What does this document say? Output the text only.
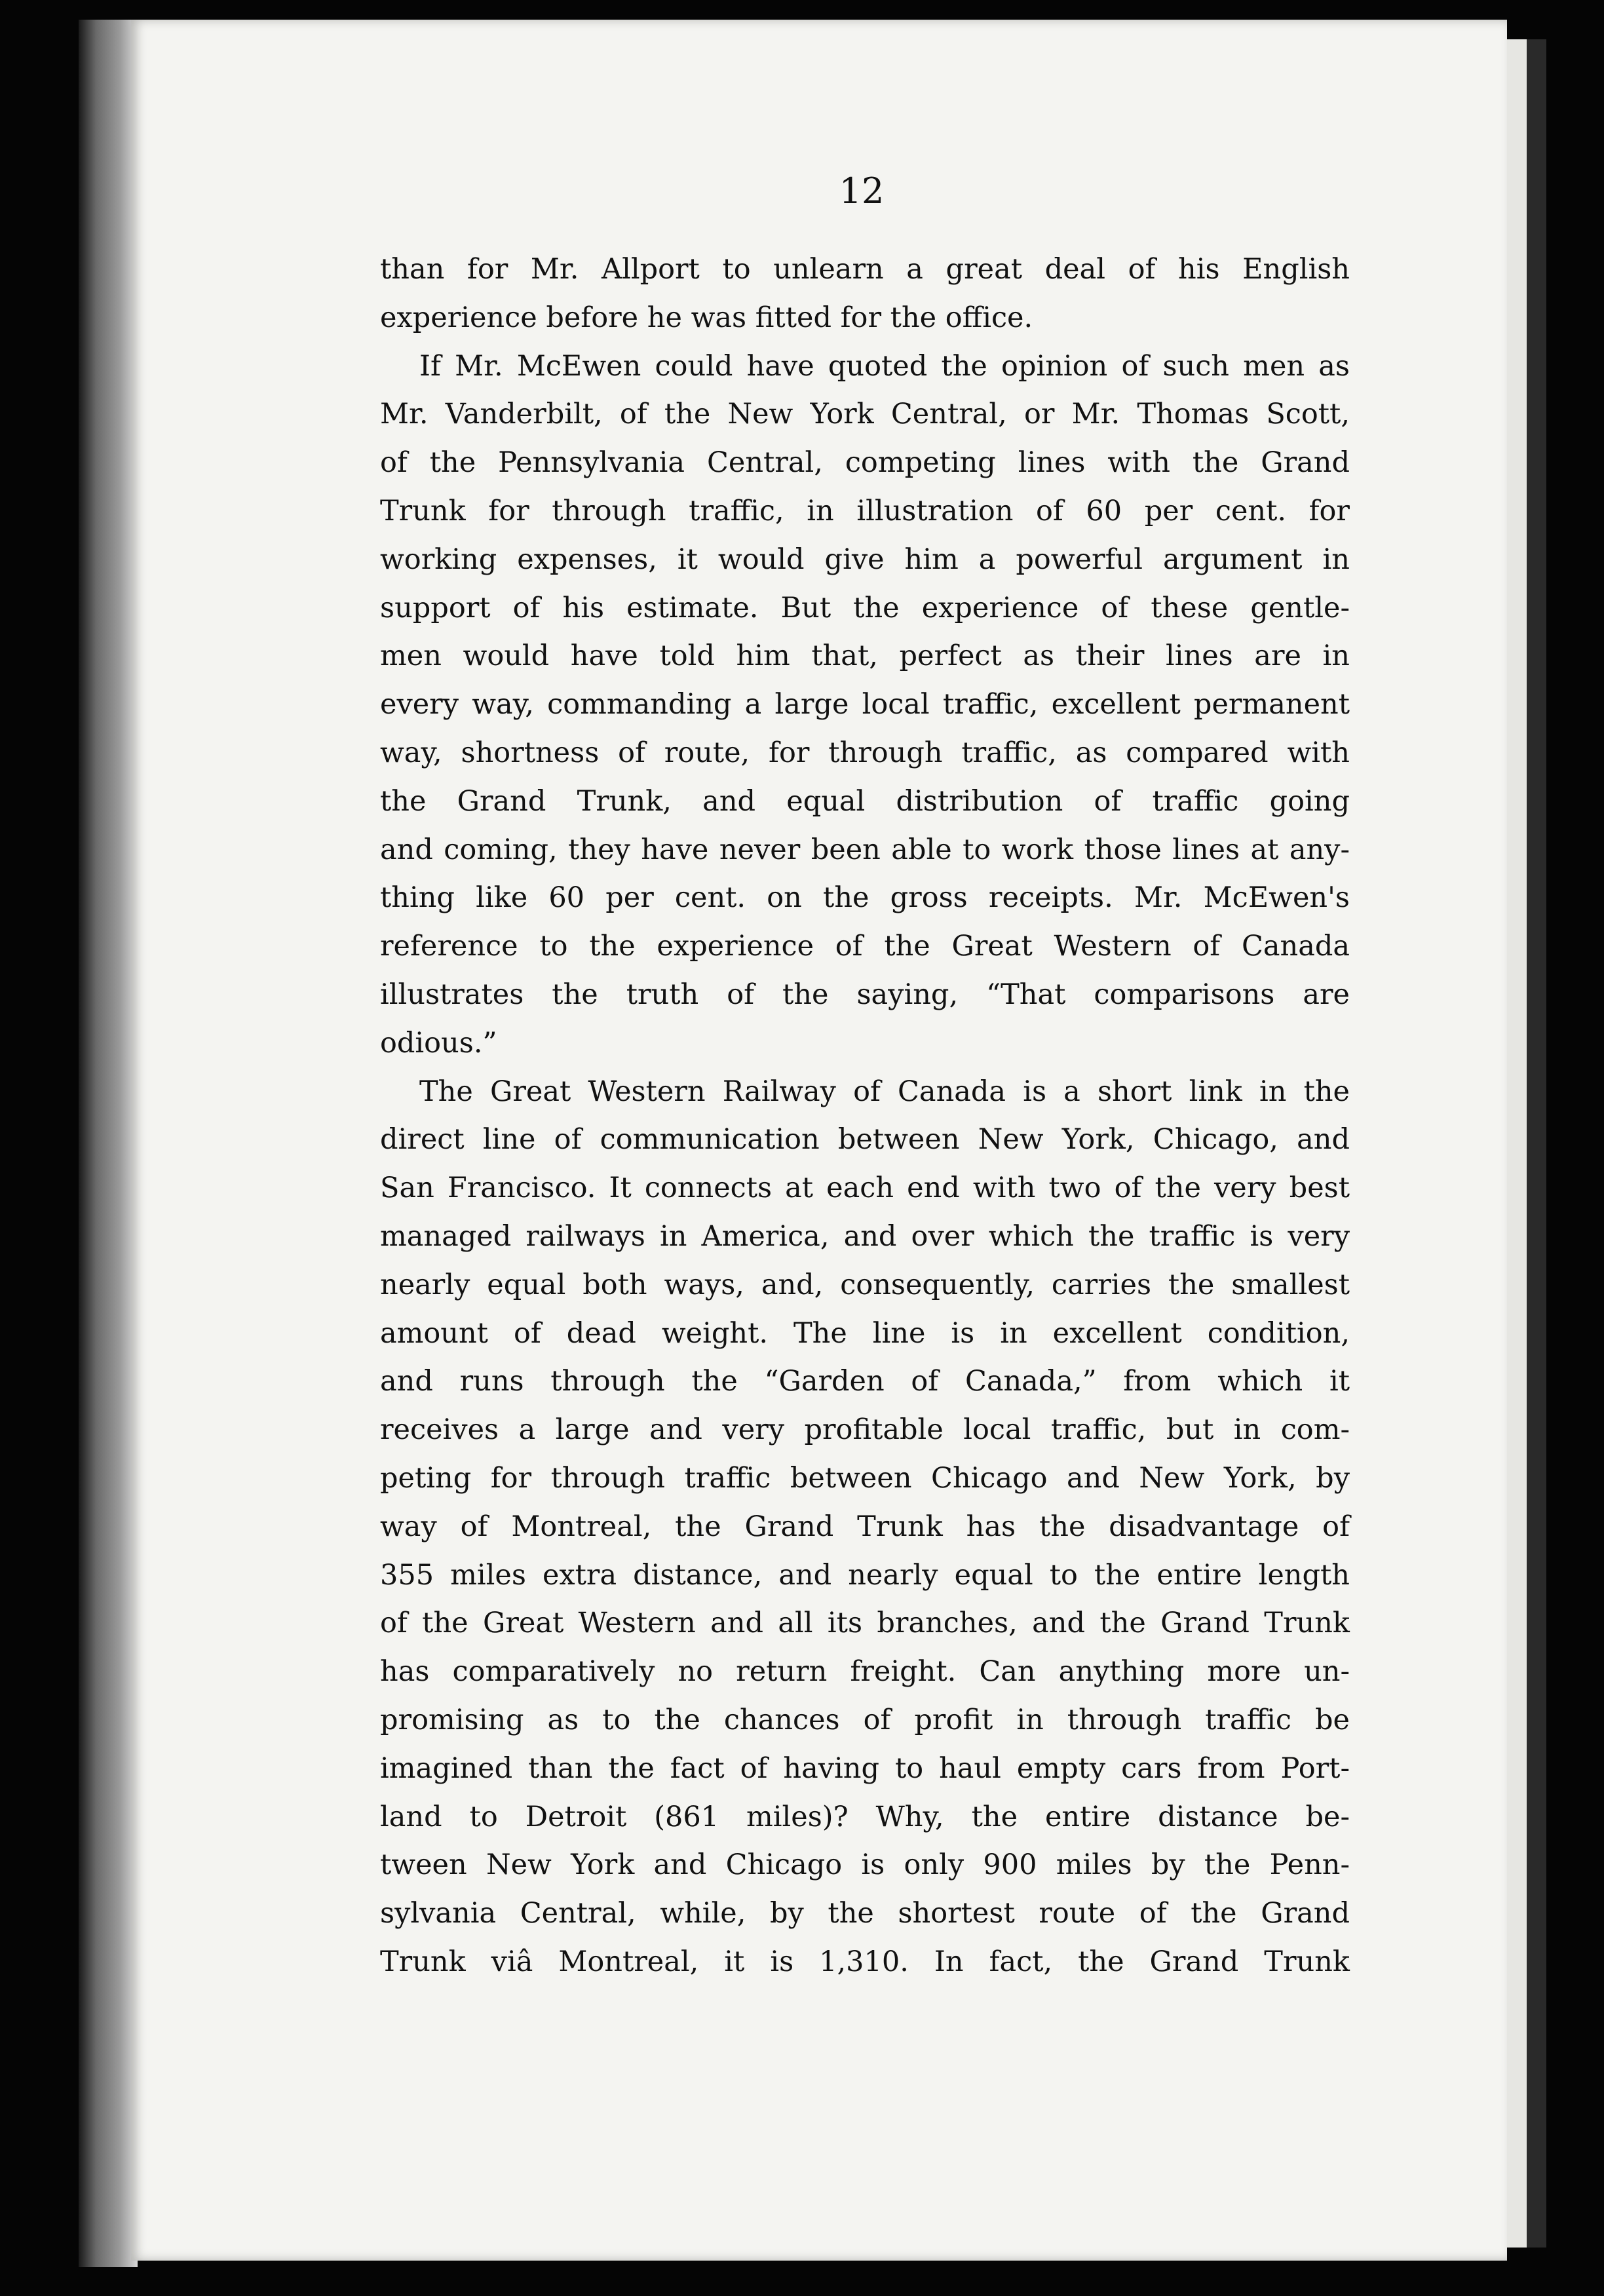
12
than for Mr. Allport to unlearn a great deal of his English
experience before he was fitted for the office.
If Mr. McEwen could have quoted the opinion of such men as
Mr. Vanderbilt, of the New York Central, or Mr. Thomas Scott,
of the Pennsylvania Central, competing lines with the Grand
Trunk for through traffic, in illustration of 60 per cent. for
working expenses, it would give him a powerful argument in
support of his estimate. But the experience of these gentle-
men would have told him that, perfect as their lines are in
every way, commanding a large local traffic, excellent permanent
way, shortness of route, for through traffic, as compared with
the Grand Trunk, and equal distribution of traffic going
and coming, they have never been able to work those lines at any-
thing like 60 per cent. on the gross receipts. Mr. McEwen's
reference to the experience of the Great Western of Canada
illustrates the truth of the saying, “That comparisons are
odious.”
The Great Western Railway of Canada is a short link in the
direct line of communication between New York, Chicago, and
San Francisco. It connects at each end with two of the very best
managed railways in America, and over which the traffic is very
nearly equal both ways, and, consequently, carries the smallest
amount of dead weight. The line is in excellent condition,
and runs through the “Garden of Canada,” from which it
receives a large and very profitable local traffic, but in com-
peting for through traffic between Chicago and New York, by
way of Montreal, the Grand Trunk has the disadvantage of
355 miles extra distance, and nearly equal to the entire length
of the Great Western and all its branches, and the Grand Trunk
has comparatively no return freight. Can anything more un-
promising as to the chances of profit in through traffic be
imagined than the fact of having to haul empty cars from Port-
land to Detroit (861 miles)? Why, the entire distance be-
tween New York and Chicago is only 900 miles by the Penn-
sylvania Central, while, by the shortest route of the Grand
Trunk viâ Montreal, it is 1,310. In fact, the Grand Trunk
